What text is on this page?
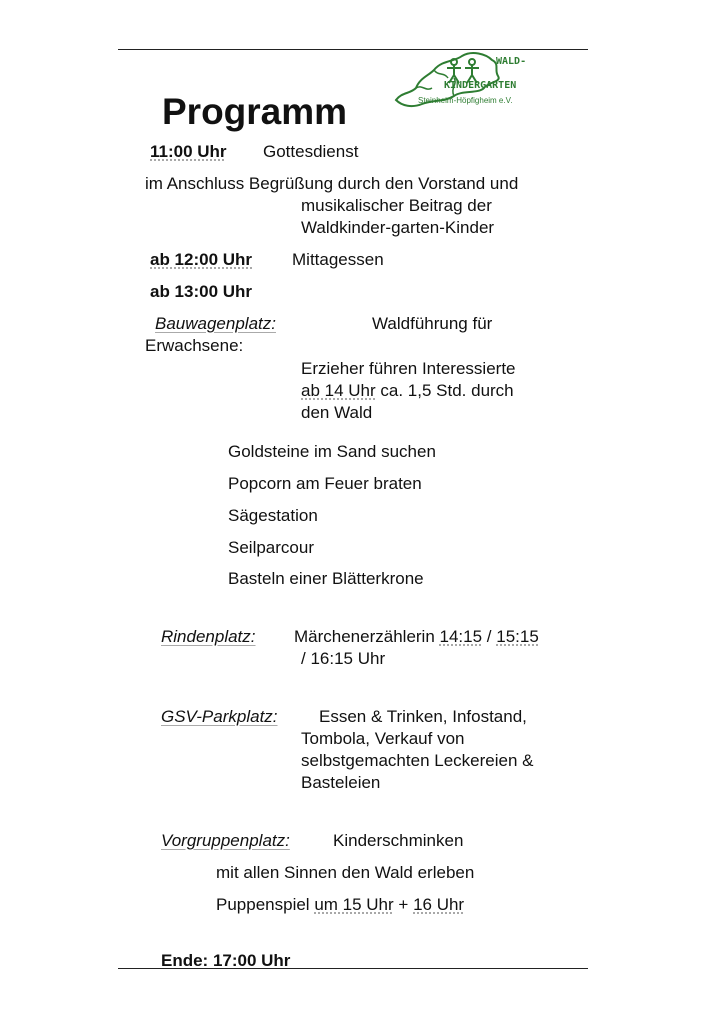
WALD-
KINDERGARTEN
Steinheim-Höpfigheim e.V.
Programm
11:00 Uhr Gottesdienst
im Anschluss Begrüßung durch den Vorstand und
musikalischer Beitrag der
Waldkinder-garten-Kinder
ab 12:00 Uhr Mittagessen
ab 13:00 Uhr
Bauwagenplatz:	Waldführung für
Erwachsene:
Erzieher führen Interessierte
ab 14 Uhr ca. 1,5 Std. durch
den Wald
Goldsteine im Sand suchen
Popcorn am Feuer braten
Sägestation
Seilparcour
Basteln einer Blätterkrone
Rindenplatz: Märchenerzählerin 14:15 / 15:15
/ 16:15 Uhr
GSV-Parkplatz: Essen & Trinken, Infostand,
Tombola, Verkauf von
selbstgemachten Leckereien &
Basteleien
Vorgruppenplatz:	Kinderschminken
mit allen Sinnen den Wald erleben
Puppenspiel um 15 Uhr + 16 Uhr
Ende: 17:00 Uhr
